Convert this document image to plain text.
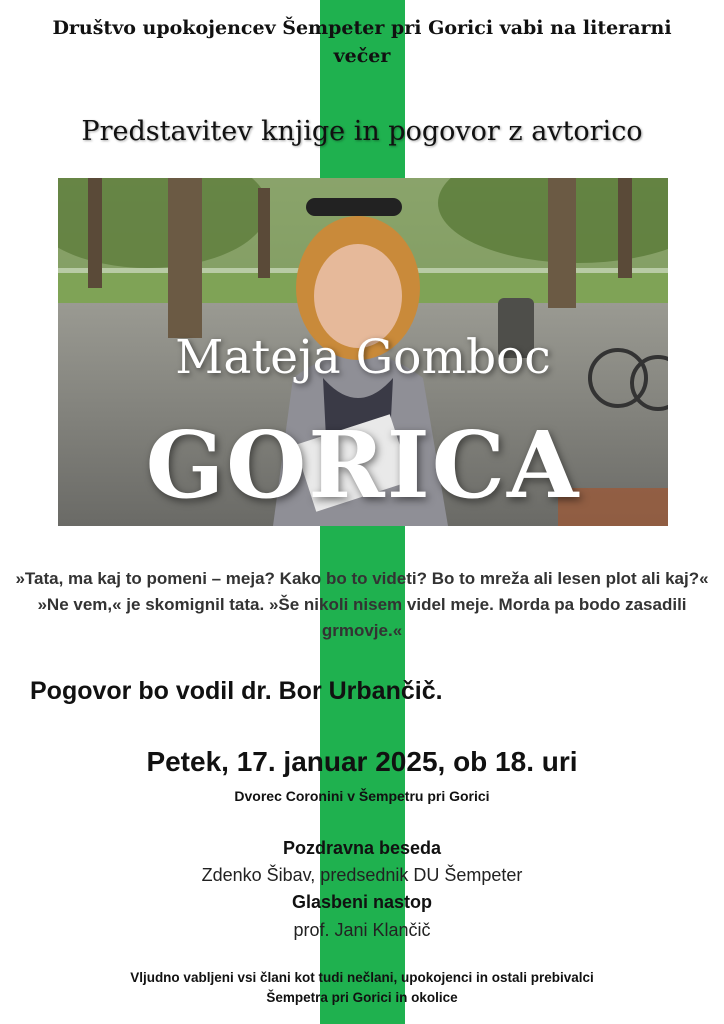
Društvo upokojencev Šempeter pri Gorici vabi na literarni
večer
Predstavitev knjige in pogovor z avtorico
Mateja Gomboc
GORICA
»Tata, ma kaj to pomeni – meja? Kako bo to videti? Bo to mreža ali lesen plot ali kaj?« »Ne vem,« je skomignil tata. »Še nikoli nisem videl meje. Morda pa bodo zasadili grmovje.«
Pogovor bo vodil dr. Bor Urbančič.
Petek, 17. januar 2025, ob 18. uri
Dvorec Coronini v Šempetru pri Gorici
Pozdravna beseda
Zdenko Šibav, predsednik DU Šempeter
Glasbeni nastop
prof. Jani Klančič
Vljudno vabljeni vsi člani kot tudi nečlani, upokojenci in ostali prebivalci
Šempetra pri Gorici in okolice
